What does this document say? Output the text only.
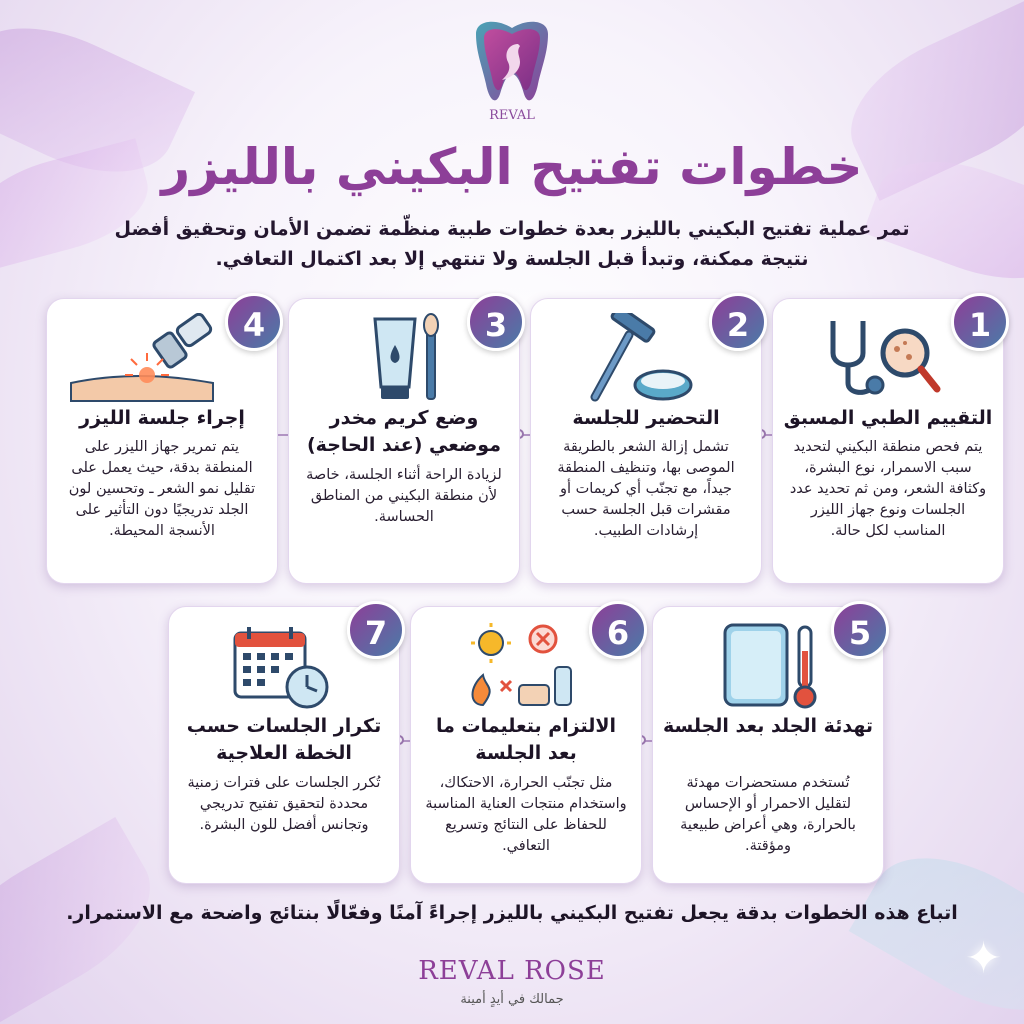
REVAL
خطوات تفتيح البكيني بالليزر

تمر عملية تفتيح البكيني بالليزر بعدة خطوات طبية منظّمة تضمن الأمان وتحقيق أفضل نتيجة ممكنة، وتبدأ قبل الجلسة ولا تنتهي إلا بعد اكتمال التعافي.

1
التقييم الطبي المسبق
يتم فحص منطقة البكيني لتحديد سبب الاسمرار، نوع البشرة، وكثافة الشعر، ومن ثم تحديد عدد الجلسات ونوع جهاز الليزر المناسب لكل حالة.
2
التحضير للجلسة
تشمل إزالة الشعر بالطريقة الموصى بها، وتنظيف المنطقة جيداً، مع تجنّب أي كريمات أو مقشرات قبل الجلسة حسب إرشادات الطبيب.
3
وضع كريم مخدر موضعي (عند الحاجة)
لزيادة الراحة أثناء الجلسة، خاصة لأن منطقة البكيني من المناطق الحساسة.
4
إجراء جلسة الليزر
يتم تمرير جهاز الليزر على المنطقة بدقة، حيث يعمل على تقليل نمو الشعر ـ وتحسين لون الجلد تدريجيًا دون التأثير على الأنسجة المحيطة.
5
تهدئة الجلد بعد الجلسة
تُستخدم مستحضرات مهدئة لتقليل الاحمرار أو الإحساس بالحرارة، وهي أعراض طبيعية ومؤقتة.
6
الالتزام بتعليمات ما بعد الجلسة
مثل تجنّب الحرارة، الاحتكاك، واستخدام منتجات العناية المناسبة للحفاظ على النتائج وتسريع التعافي.
7
تكرار الجلسات حسب الخطة العلاجية
تُكرر الجلسات على فترات زمنية محددة لتحقيق تفتيح تدريجي وتجانس أفضل للون البشرة.

اتباع هذه الخطوات بدقة يجعل تفتيح البكيني بالليزر إجراءً آمنًا وفعّالًا بنتائج واضحة مع الاستمرار.

REVAL ROSE
جمالك في أيدٍ أمينة
✦
